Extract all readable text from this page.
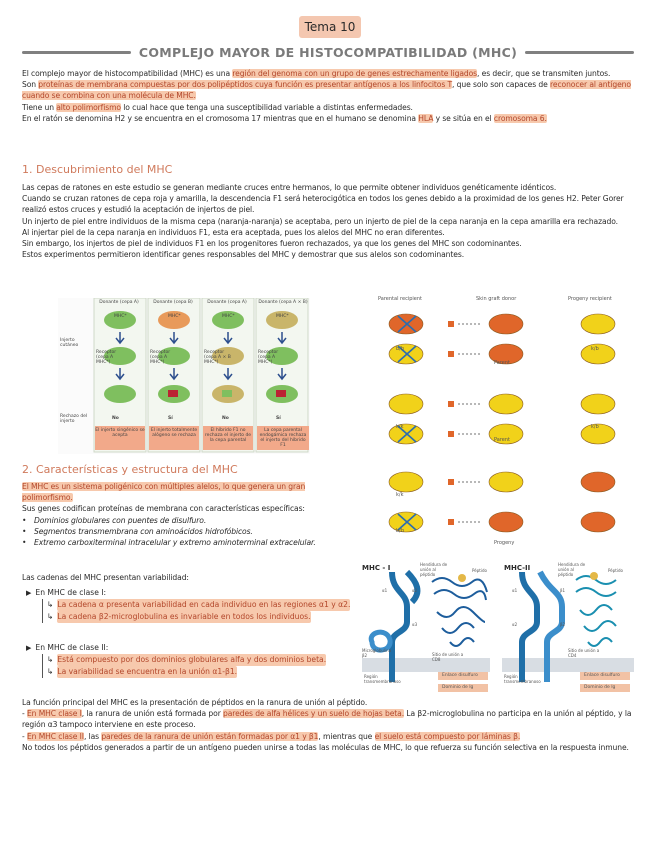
Tema 10
COMPLEJO MAYOR DE HISTOCOMPATIBILIDAD (MHC)
El complejo mayor de histocompatibilidad (MHC) es una región del genoma con un grupo de genes estrechamente ligados, es decir, que se transmiten juntos.
Son proteínas de membrana compuestas por dos polipéptidos cuya función es presentar antígenos a los linfocitos T, que solo son capaces de reconocer al antígeno cuando se combina con una molécula de MHC.
Tiene un alto polimorfismo lo cual hace que tenga una susceptibilidad variable a distintas enfermedades.
En el ratón se denomina H2 y se encuentra en el cromosoma 17 mientras que en el humano se denomina HLA y se sitúa en el cromosoma 6.
1. Descubrimiento del MHC
Las cepas de ratones en este estudio se generan mediante cruces entre hermanos, lo que permite obtener individuos genéticamente idénticos.
Cuando se cruzan ratones de cepa roja y amarilla, la descendencia F1 será heterocigótica en todos los genes debido a la proximidad de los genes H2. Peter Gorer realizó estos cruces y estudió la aceptación de injertos de piel.
Un injerto de piel entre individuos de la misma cepa (naranja-naranja) se aceptaba, pero un injerto de piel de la cepa naranja en la cepa amarilla era rechazado.
Al injertar piel de la cepa naranja en individuos F1, esta era aceptada, pues los alelos del MHC no eran diferentes.
Sin embargo, los injertos de piel de individuos F1 en los progenitores fueron rechazados, ya que los genes del MHC son codominantes.
Estos experimentos permitieron identificar genes responsables del MHC y demostrar que sus alelos son codominantes.
Injerto cutáneo
Rechazo del injerto
Donante (cepa A)	Donante (cepa B)	Donante (cepa A)	Donante (cepa A × B)
MHC*	MHC*	MHC*	MHC*
Receptor (cepa A MHC*)
Receptor (cepa A MHC*)
Receptor (cepa A × B MHC*)
Receptor (cepa A MHC*)
No	Sí	No	Sí
El injerto singénico se acepta
El injerto totalmente alógeno se rechaza
El híbrido F1 no rechaza el injerto de la cepa parental
La cepa parental endogámica rechaza el injerto del híbrido F1
Parental recipient	Skin graft donor	Progeny recipient
Parent
Parent
Progeny
b/b
k/k
k/b
k/b
k/k
b/b
2. Características y estructura del MHC
El MHC es un sistema poligénico con múltiples alelos, lo que genera un gran polimorfismo.
Sus genes codifican proteínas de membrana con características específicas:
• Dominios globulares con puentes de disulfuro.
• Segmentos transmembrana con aminoácidos hidrofóbicos.
• Extremo carboxiterminal intracelular y extremo aminoterminal extracelular.
Las cadenas del MHC presentan variabilidad:
▶ En MHC de clase I:
↳ La cadena α presenta variabilidad en cada individuo en las regiones α1 y α2.
↳ La cadena β2-microglobulina es invariable en todos los individuos.
▶ En MHC de clase II:
↳ Está compuesto por dos dominios globulares alfa y dos dominios beta.
↳ La variabilidad se encuentra en la unión α1-β1.
MHC - I	MHC-II
Hendidura de unión al péptido
Péptido
α1	α2
α3
Microglobulina β2	Sitio de unión a CD8
Región transmembranoso
Hendidura de unión al péptido
Péptido
α1	β1
α2	β2
Sitio de unión a CD4
Región transmembranoso
Enlace disulfuro
Dominio de Ig
Enlace disulfuro
Dominio de Ig
La función principal del MHC es la presentación de péptidos en la ranura de unión al péptido.
- En MHC clase I, la ranura de unión está formada por paredes de alfa hélices y un suelo de hojas beta. La β2-microglobulina no participa en la unión al péptido, y la región α3 tampoco interviene en este proceso.
- En MHC clase II, las paredes de la ranura de unión están formadas por α1 y β1, mientras que el suelo está compuesto por láminas β.
No todos los péptidos generados a partir de un antígeno pueden unirse a todas las moléculas de MHC, lo que refuerza su función selectiva en la respuesta inmune.
